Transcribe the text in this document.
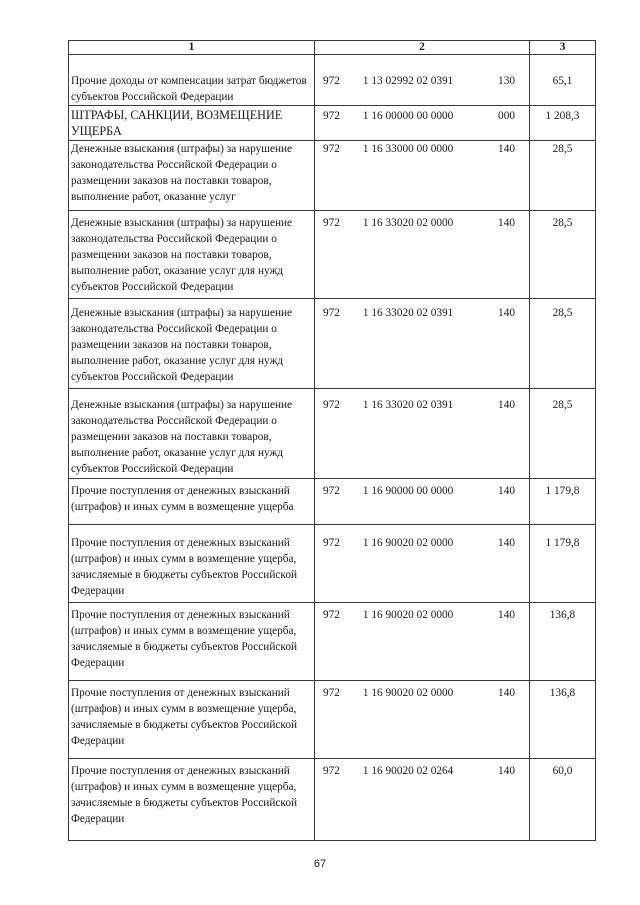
1	2	3
Прочие доходы от компенсации затрат бюджетов субъектов Российской Федерации	972 1 13 02992 02 0391 130	65,1
ШТРАФЫ, САНКЦИИ, ВОЗМЕЩЕНИЕ УЩЕРБА	972 1 16 00000 00 0000 000	1 208,3
Денежные взыскания (штрафы) за нарушение законодательства Российской Федерации о размещении заказов на поставки товаров, выполнение работ, оказание услуг	972 1 16 33000 00 0000 140	28,5
Денежные взыскания (штрафы) за нарушение законодательства Российской Федерации о размещении заказов на поставки товаров, выполнение работ, оказание услуг для нужд субъектов Российской Федерации	972 1 16 33020 02 0000 140	28,5
Денежные взыскания (штрафы) за нарушение законодательства Российской Федерации о размещении заказов на поставки товаров, выполнение работ, оказание услуг для нужд субъектов Российской Федерации	972 1 16 33020 02 0391 140	28,5
Денежные взыскания (штрафы) за нарушение законодательства Российской Федерации о размещении заказов на поставки товаров, выполнение работ, оказание услуг для нужд субъектов Российской Федерации	972 1 16 33020 02 0391 140	28,5
Прочие поступления от денежных взысканий (штрафов) и иных сумм в возмещение ущерба	972 1 16 90000 00 0000 140	1 179,8
Прочие поступления от денежных взысканий (штрафов) и иных сумм в возмещение ущерба, зачисляемые в бюджеты субъектов Российской Федерации	972 1 16 90020 02 0000 140	1 179,8
Прочие поступления от денежных взысканий (штрафов) и иных сумм в возмещение ущерба, зачисляемые в бюджеты субъектов Российской Федерации	972 1 16 90020 02 0000 140	136,8
Прочие поступления от денежных взысканий (штрафов) и иных сумм в возмещение ущерба, зачисляемые в бюджеты субъектов Российской Федерации	972 1 16 90020 02 0000 140	136,8
Прочие поступления от денежных взысканий (штрафов) и иных сумм в возмещение ущерба, зачисляемые в бюджеты субъектов Российской Федерации	972 1 16 90020 02 0264 140	60,0
67
